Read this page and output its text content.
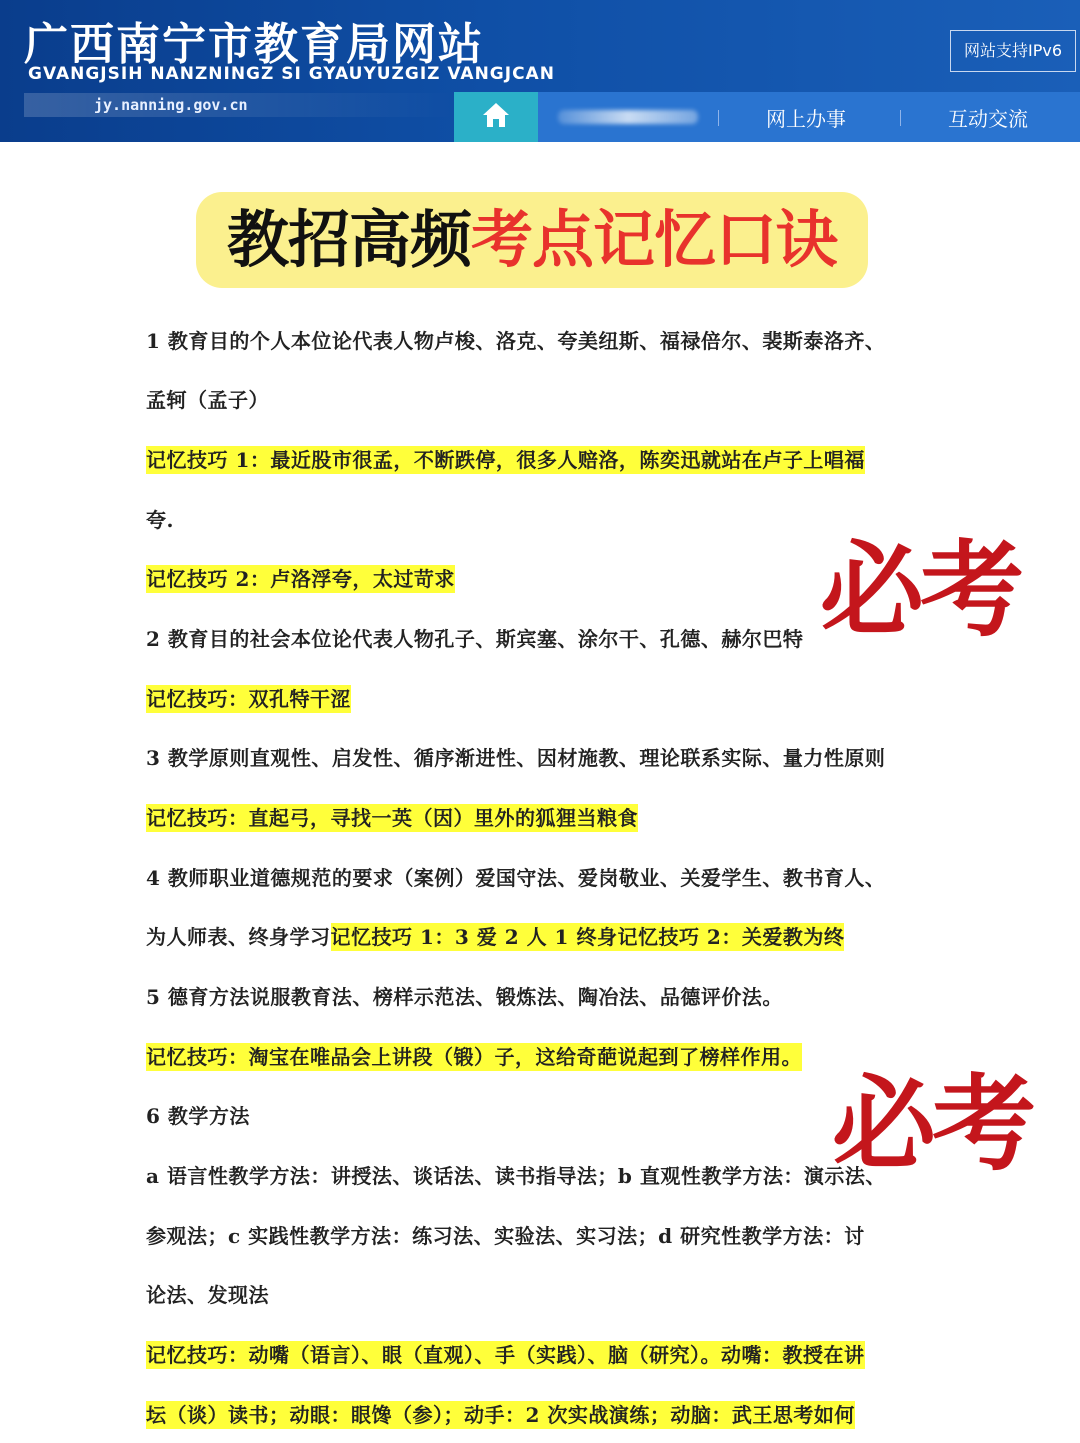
广西南宁市教育局网站
GVANGJSIH NANZNINGZ SI GYAUYUZGIZ VANGJCAN
jy.nanning.gov.cn
网站支持IPv6
网上办事	互动交流
教招高频考点记忆口诀
1 教育目的个人本位论代表人物卢梭、洛克、夸美纽斯、福禄倍尔、裴斯泰洛齐、
孟轲（孟子）
记忆技巧 1：最近股市很孟，不断跌停，很多人赔洛，陈奕迅就站在卢子上唱福
夸.
记忆技巧 2：卢洛浮夸，太过苛求
2 教育目的社会本位论代表人物孔子、斯宾塞、涂尔干、孔德、赫尔巴特
记忆技巧：双孔特干涩
3 教学原则直观性、启发性、循序渐进性、因材施教、理论联系实际、量力性原则
记忆技巧：直起弓，寻找一英（因）里外的狐狸当粮食
4 教师职业道德规范的要求（案例）爱国守法、爱岗敬业、关爱学生、教书育人、
为人师表、终身学习记忆技巧 1：3 爱 2 人 1 终身记忆技巧 2：关爱教为终
5 德育方法说服教育法、榜样示范法、锻炼法、陶冶法、品德评价法。
记忆技巧：淘宝在唯品会上讲段（锻）子，这给奇葩说起到了榜样作用。
6 教学方法
a 语言性教学方法：讲授法、谈话法、读书指导法；b 直观性教学方法：演示法、
参观法；c 实践性教学方法：练习法、实验法、实习法；d 研究性教学方法：讨
论法、发现法
记忆技巧：动嘴（语言）、眼（直观）、手（实践）、脑（研究）。动嘴：教授在讲
坛（谈）读书；动眼：眼馋（参）；动手：2 次实战演练；动脑：武王思考如何
必考
必考
